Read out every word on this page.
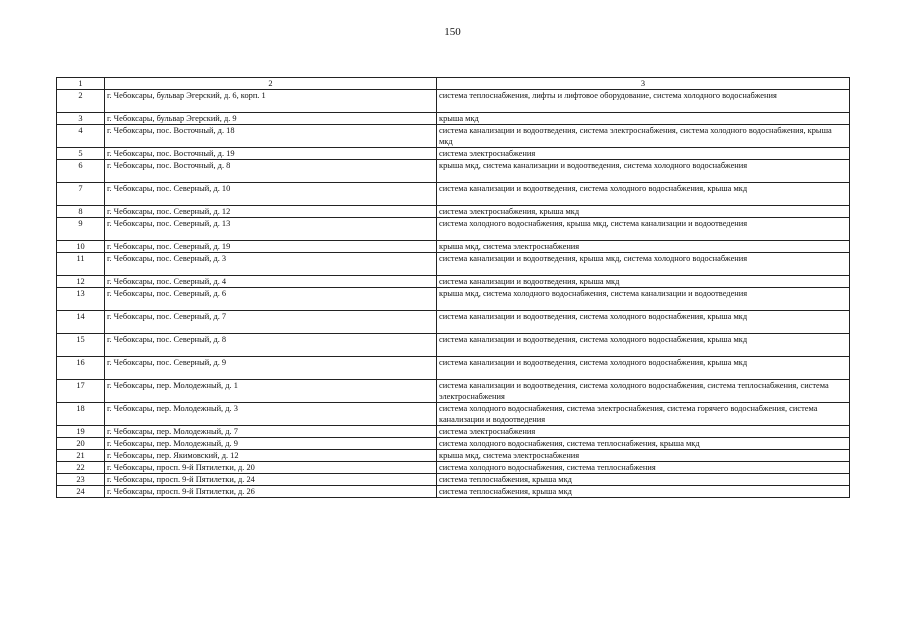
150
1	2	3
2	г. Чебоксары, бульвар Эгерский, д. 6, корп. 1	система теплоснабжения, лифты и лифтовое оборудование, система холодного водоснабжения
3	г. Чебоксары, бульвар Эгерский, д. 9	крыша мкд
4	г. Чебоксары, пос. Восточный, д. 18	система канализации и водоотведения, система электроснабжения, система холодного водоснабжения, крыша мкд
5	г. Чебоксары, пос. Восточный, д. 19	система электроснабжения
6	г. Чебоксары, пос. Восточный, д. 8	крыша мкд, система канализации и водоотведения, система холодного водоснабжения
7	г. Чебоксары, пос. Северный, д. 10	система канализации и водоотведения, система холодного водоснабжения, крыша мкд
8	г. Чебоксары, пос. Северный, д. 12	система электроснабжения, крыша мкд
9	г. Чебоксары, пос. Северный, д. 13	система холодного водоснабжения, крыша мкд, система канализации и водоотведения
10	г. Чебоксары, пос. Северный, д. 19	крыша мкд, система электроснабжения
11	г. Чебоксары, пос. Северный, д. 3	система канализации и водоотведения, крыша мкд, система холодного водоснабжения
12	г. Чебоксары, пос. Северный, д. 4	система канализации и водоотведения, крыша мкд
13	г. Чебоксары, пос. Северный, д. 6	крыша мкд, система холодного водоснабжения, система канализации и водоотведения
14	г. Чебоксары, пос. Северный, д. 7	система канализации и водоотведения, система холодного водоснабжения, крыша мкд
15	г. Чебоксары, пос. Северный, д. 8	система канализации и водоотведения, система холодного водоснабжения, крыша мкд
16	г. Чебоксары, пос. Северный, д. 9	система канализации и водоотведения, система холодного водоснабжения, крыша мкд
17	г. Чебоксары, пер. Молодежный, д. 1	система канализации и водоотведения, система холодного водоснабжения, система теплоснабжения, система электроснабжения
18	г. Чебоксары, пер. Молодежный, д. 3	система холодного водоснабжения, система электроснабжения, система горячего водоснабжения, система канализации и водоотведения
19	г. Чебоксары, пер. Молодежный, д. 7	система электроснабжения
20	г. Чебоксары, пер. Молодежный, д. 9	система холодного водоснабжения, система теплоснабжения, крыша мкд
21	г. Чебоксары, пер. Якимовский, д. 12	крыша мкд, система электроснабжения
22	г. Чебоксары, просп. 9-й Пятилетки, д. 20	система холодного водоснабжения, система теплоснабжения
23	г. Чебоксары, просп. 9-й Пятилетки, д. 24	система теплоснабжения, крыша мкд
24	г. Чебоксары, просп. 9-й Пятилетки, д. 26	система теплоснабжения, крыша мкд
